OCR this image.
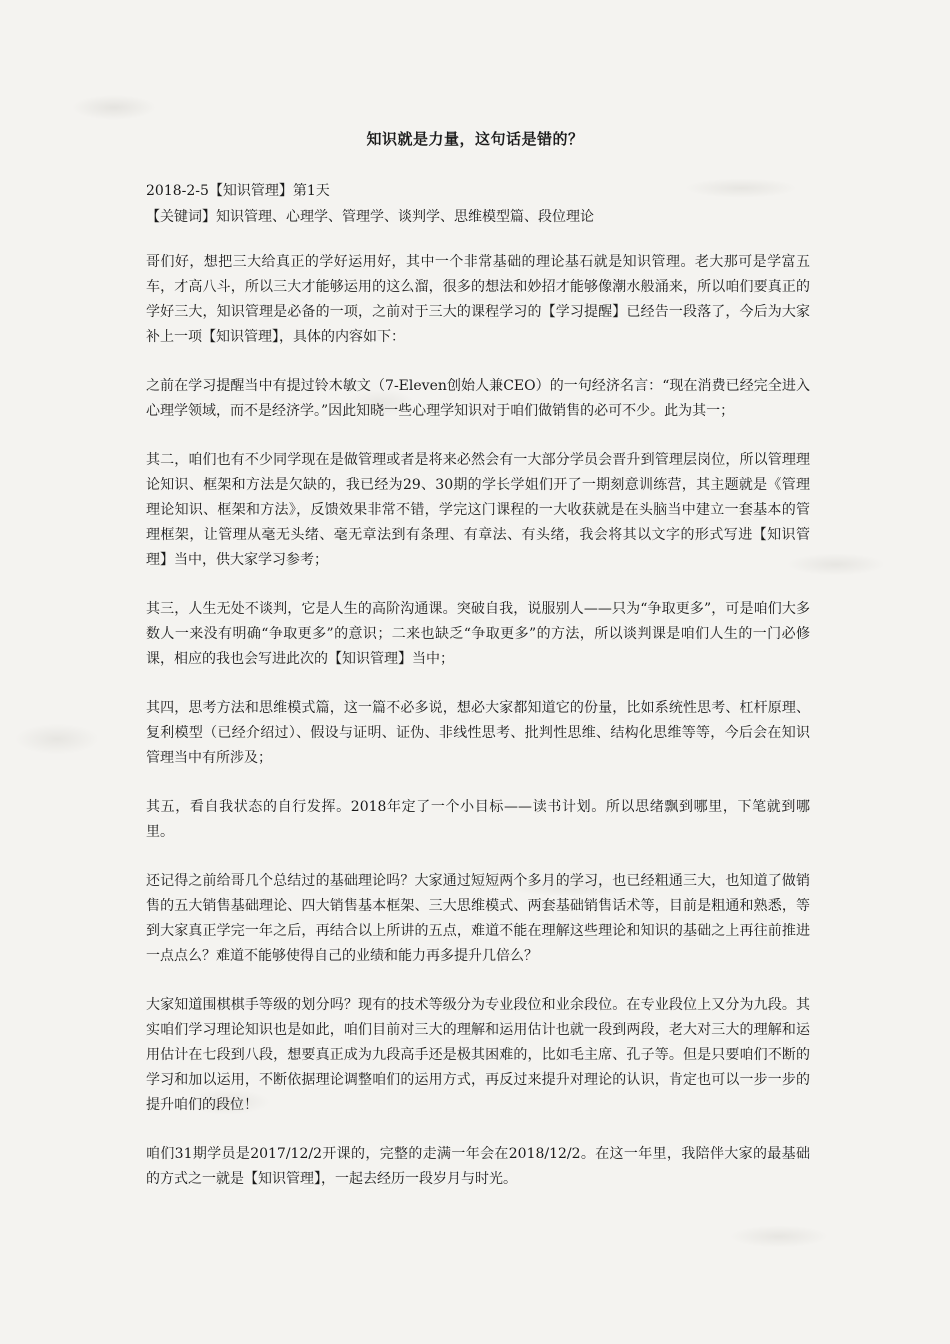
知识就是力量，这句话是错的？
2018-2-5【知识管理】第1天
【关键词】知识管理、心理学、管理学、谈判学、思维模型篇、段位理论

哥们好，想把三大给真正的学好运用好，其中一个非常基础的理论基石就是知识管理。老大那可是学富五车，才高八斗，所以三大才能够运用的这么溜，很多的想法和妙招才能够像潮水般涌来，所以咱们要真正的学好三大，知识管理是必备的一项，之前对于三大的课程学习的【学习提醒】已经告一段落了，今后为大家补上一项【知识管理】，具体的内容如下：

之前在学习提醒当中有提过铃木敏文（7-Eleven创始人兼CEO）的一句经济名言：“现在消费已经完全进入心理学领域，而不是经济学。”因此知晓一些心理学知识对于咱们做销售的必可不少。此为其一；

其二，咱们也有不少同学现在是做管理或者是将来必然会有一大部分学员会晋升到管理层岗位，所以管理理论知识、框架和方法是欠缺的，我已经为29、30期的学长学姐们开了一期刻意训练营，其主题就是《管理理论知识、框架和方法》，反馈效果非常不错，学完这门课程的一大收获就是在头脑当中建立一套基本的管理框架，让管理从毫无头绪、毫无章法到有条理、有章法、有头绪，我会将其以文字的形式写进【知识管理】当中，供大家学习参考；

其三，人生无处不谈判，它是人生的高阶沟通课。突破自我，说服别人——只为“争取更多”，可是咱们大多数人一来没有明确“争取更多”的意识；二来也缺乏“争取更多”的方法，所以谈判课是咱们人生的一门必修课，相应的我也会写进此次的【知识管理】当中；

其四，思考方法和思维模式篇，这一篇不必多说，想必大家都知道它的份量，比如系统性思考、杠杆原理、复利模型（已经介绍过）、假设与证明、证伪、非线性思考、批判性思维、结构化思维等等，今后会在知识管理当中有所涉及；

其五，看自我状态的自行发挥。2018年定了一个小目标——读书计划。所以思绪飘到哪里，下笔就到哪里。

还记得之前给哥几个总结过的基础理论吗？大家通过短短两个多月的学习，也已经粗通三大，也知道了做销售的五大销售基础理论、四大销售基本框架、三大思维模式、两套基础销售话术等，目前是粗通和熟悉，等到大家真正学完一年之后，再结合以上所讲的五点，难道不能在理解这些理论和知识的基础之上再往前推进一点点么？难道不能够使得自己的业绩和能力再多提升几倍么？

大家知道围棋棋手等级的划分吗？现有的技术等级分为专业段位和业余段位。在专业段位上又分为九段。其实咱们学习理论知识也是如此，咱们目前对三大的理解和运用估计也就一段到两段，老大对三大的理解和运用估计在七段到八段，想要真正成为九段高手还是极其困难的，比如毛主席、孔子等。但是只要咱们不断的学习和加以运用，不断依据理论调整咱们的运用方式，再反过来提升对理论的认识，肯定也可以一步一步的提升咱们的段位！

咱们31期学员是2017/12/2开课的，完整的走满一年会在2018/12/2。在这一年里，我陪伴大家的最基础的方式之一就是【知识管理】，一起去经历一段岁月与时光。
